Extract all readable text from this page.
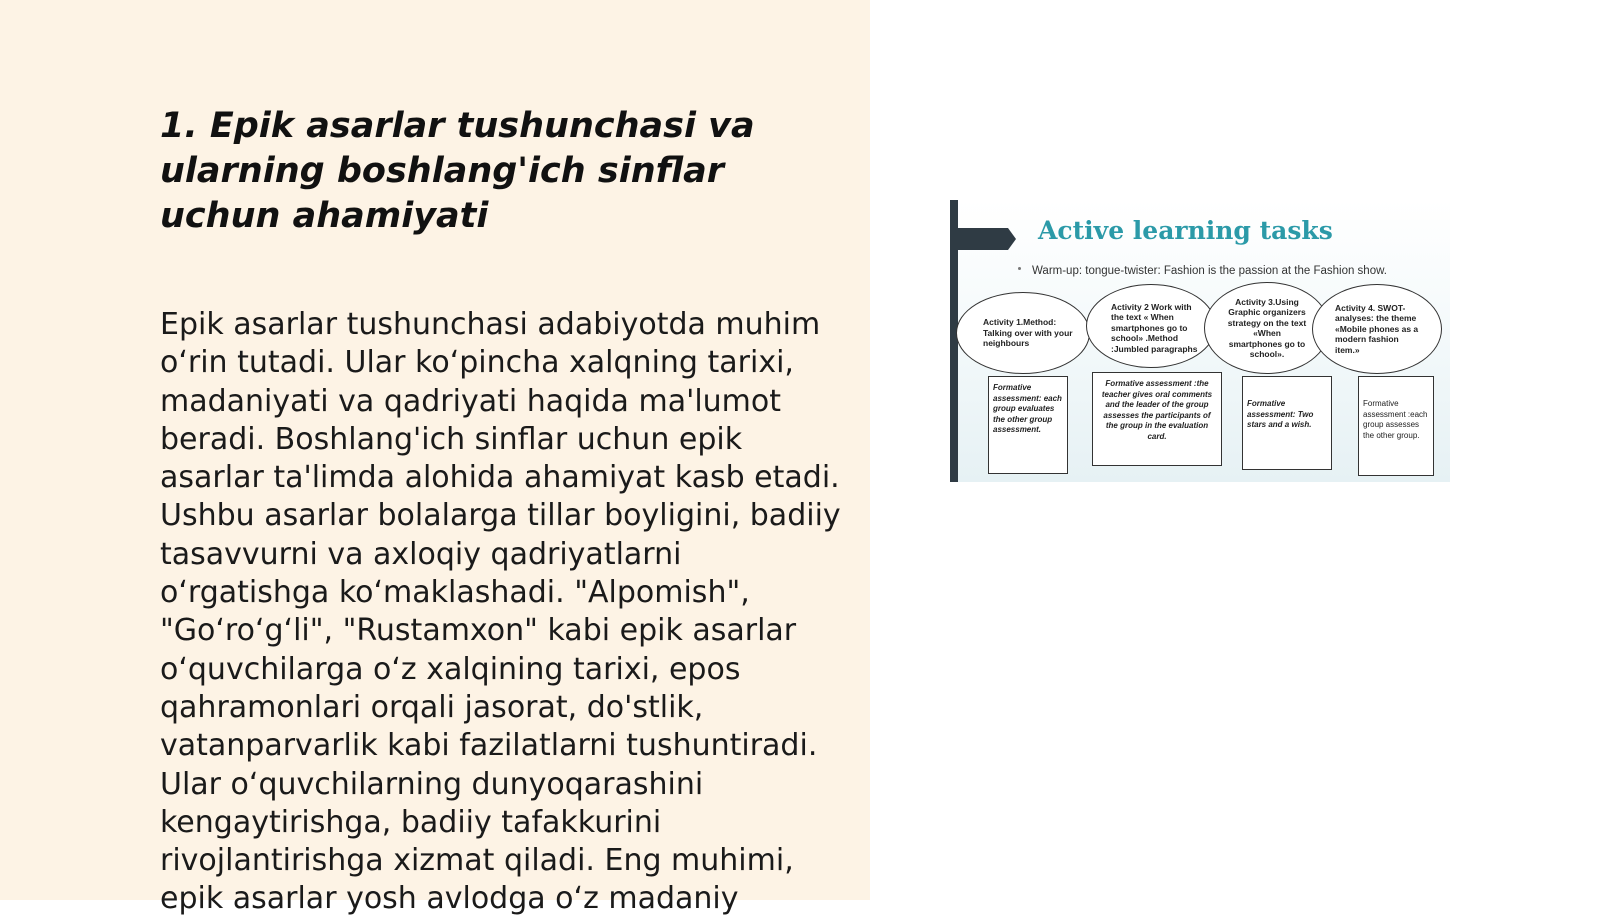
1. Epik asarlar tushunchasi va ularning boshlang'ich sinflar uchun ahamiyati

Epik asarlar tushunchasi adabiyotda muhim o‘rin tutadi. Ular ko‘pincha xalqning tarixi, madaniyati va qadriyati haqida ma'lumot beradi. Boshlang'ich sinflar uchun epik asarlar ta'limda alohida ahamiyat kasb etadi. Ushbu asarlar bolalarga tillar boyligini, badiiy tasavvurni va axloqiy qadriyatlarni o‘rgatishga ko‘maklashadi. "Alpomish", "Go‘ro‘g‘li", "Rustamxon" kabi epik asarlar o‘quvchilarga o‘z xalqining tarixi, epos qahramonlari orqali jasorat, do'stlik, vatanparvarlik kabi fazilatlarni tushuntiradi. Ular o‘quvchilarning dunyoqarashini kengaytirishga, badiiy tafakkurini rivojlantirishga xizmat qiladi. Eng muhimi, epik asarlar yosh avlodga o‘z madaniy

Active learning tasks

Warm-up: tongue-twister: Fashion is the passion at the Fashion show.

Activity 1.Method: Talking over with your neighbours
Activity 2 Work with the text « When smartphones go to school» .Method :Jumbled paragraphs
Activity 3.Using Graphic organizers strategy on the text «When smartphones go to school».
Activity 4. SWOT-analyses: the theme «Mobile phones as a modern fashion item.»
Formative assessment: each group evaluates the other group assessment.
Formative assessment :the teacher gives oral comments and the leader of the group assesses the participants of the group in the evaluation card.
Formative assessment: Two stars and a wish.
Formative assessment :each group assesses the other group.
